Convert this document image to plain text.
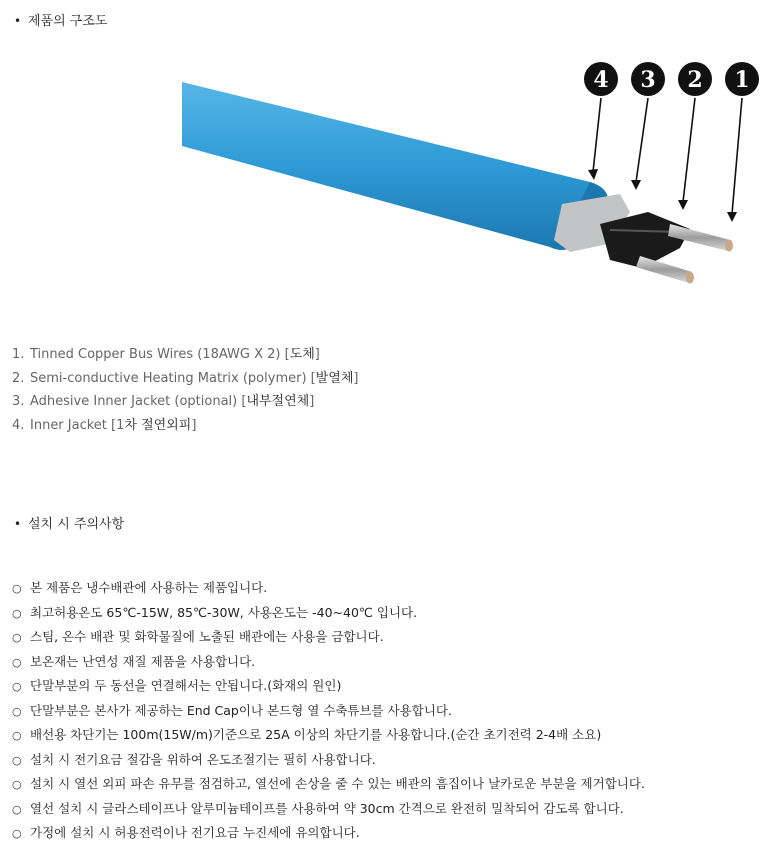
• 제품의 구조도
4 3 2 1
1. Tinned Copper Bus Wires (18AWG X 2) [도체]
2. Semi-conductive Heating Matrix (polymer) [발열체]
3. Adhesive Inner Jacket (optional) [내부절연체]
4. Inner Jacket [1차 절연외피]
• 설치 시 주의사항
○ 본 제품은 냉수배관에 사용하는 제품입니다.
○ 최고허용온도 65℃-15W, 85℃-30W, 사용온도는 -40~40℃ 입니다.
○ 스팀, 온수 배관 및 화학물질에 노출된 배관에는 사용을 금합니다.
○ 보온재는 난연성 재질 제품을 사용합니다.
○ 단말부분의 두 동선을 연결해서는 안됩니다.(화재의 원인)
○ 단말부분은 본사가 제공하는 End Cap이나 본드형 열 수축튜브를 사용합니다.
○ 배선용 차단기는 100m(15W/m)기준으로 25A 이상의 차단기를 사용합니다.(순간 초기전력 2-4배 소요)
○ 설치 시 전기요금 절감을 위하여 온도조절기는 필히 사용합니다.
○ 설치 시 열선 외피 파손 유무를 점검하고, 열선에 손상을 줄 수 있는 배관의 흠집이나 날카로운 부분을 제거합니다.
○ 열선 설치 시 글라스테이프나 알루미늄테이프를 사용하여 약 30cm 간격으로 완전히 밀착되어 감도록 합니다.
○ 가정에 설치 시 허용전력이나 전기요금 누진세에 유의합니다.
